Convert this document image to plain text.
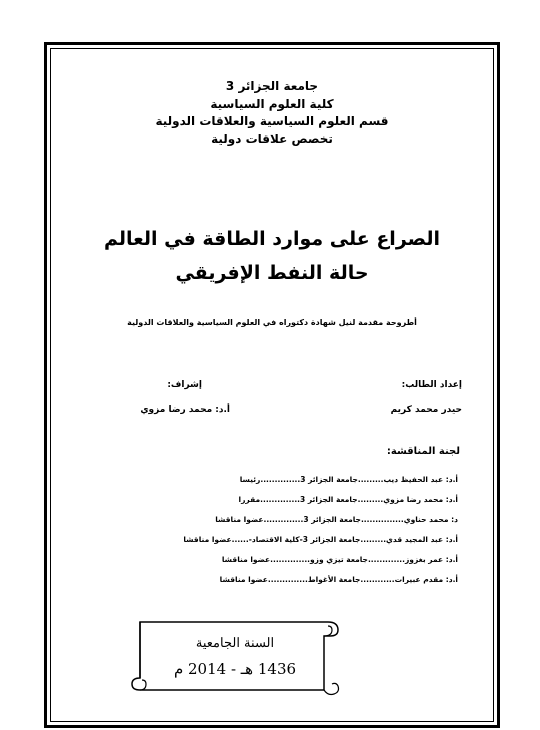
جامعة الجزائر 3
كلية العلوم السياسية
قسم العلوم السياسية والعلاقات الدولية
تخصص علاقات دولية
الصراع على موارد الطاقة في العالم
حالة النفط الإفريقي
أطروحة مقدمة لنيل شهادة دكتوراه في العلوم السياسية والعلاقات الدولية
إعداد الطالب:
إشراف:
حيدر محمد كريم
أ.د: محمد رضا مزوي
لجنة المناقشة:
أ.د: عبد الحفيظ ديب.........جامعة الجزائر 3..............رئيسا
أ.د: محمد رضا مزوي.........جامعة الجزائر 3..............مقررا
د: محمد حناوي...............جامعة الجزائر 3..............عضوا مناقشا
أ.د: عبد المجيد قدي.........جامعة الجزائر 3-كلية الاقتصاد-......عضوا مناقشا
أ.د: عمر بغزوز.............جامعة تيزي وزو..............عضوا مناقشا
أ.د: مقدم عبيرات............جامعة الأغواط..............عضوا مناقشا
السنة الجامعية
1436 هـ - 2014 م
